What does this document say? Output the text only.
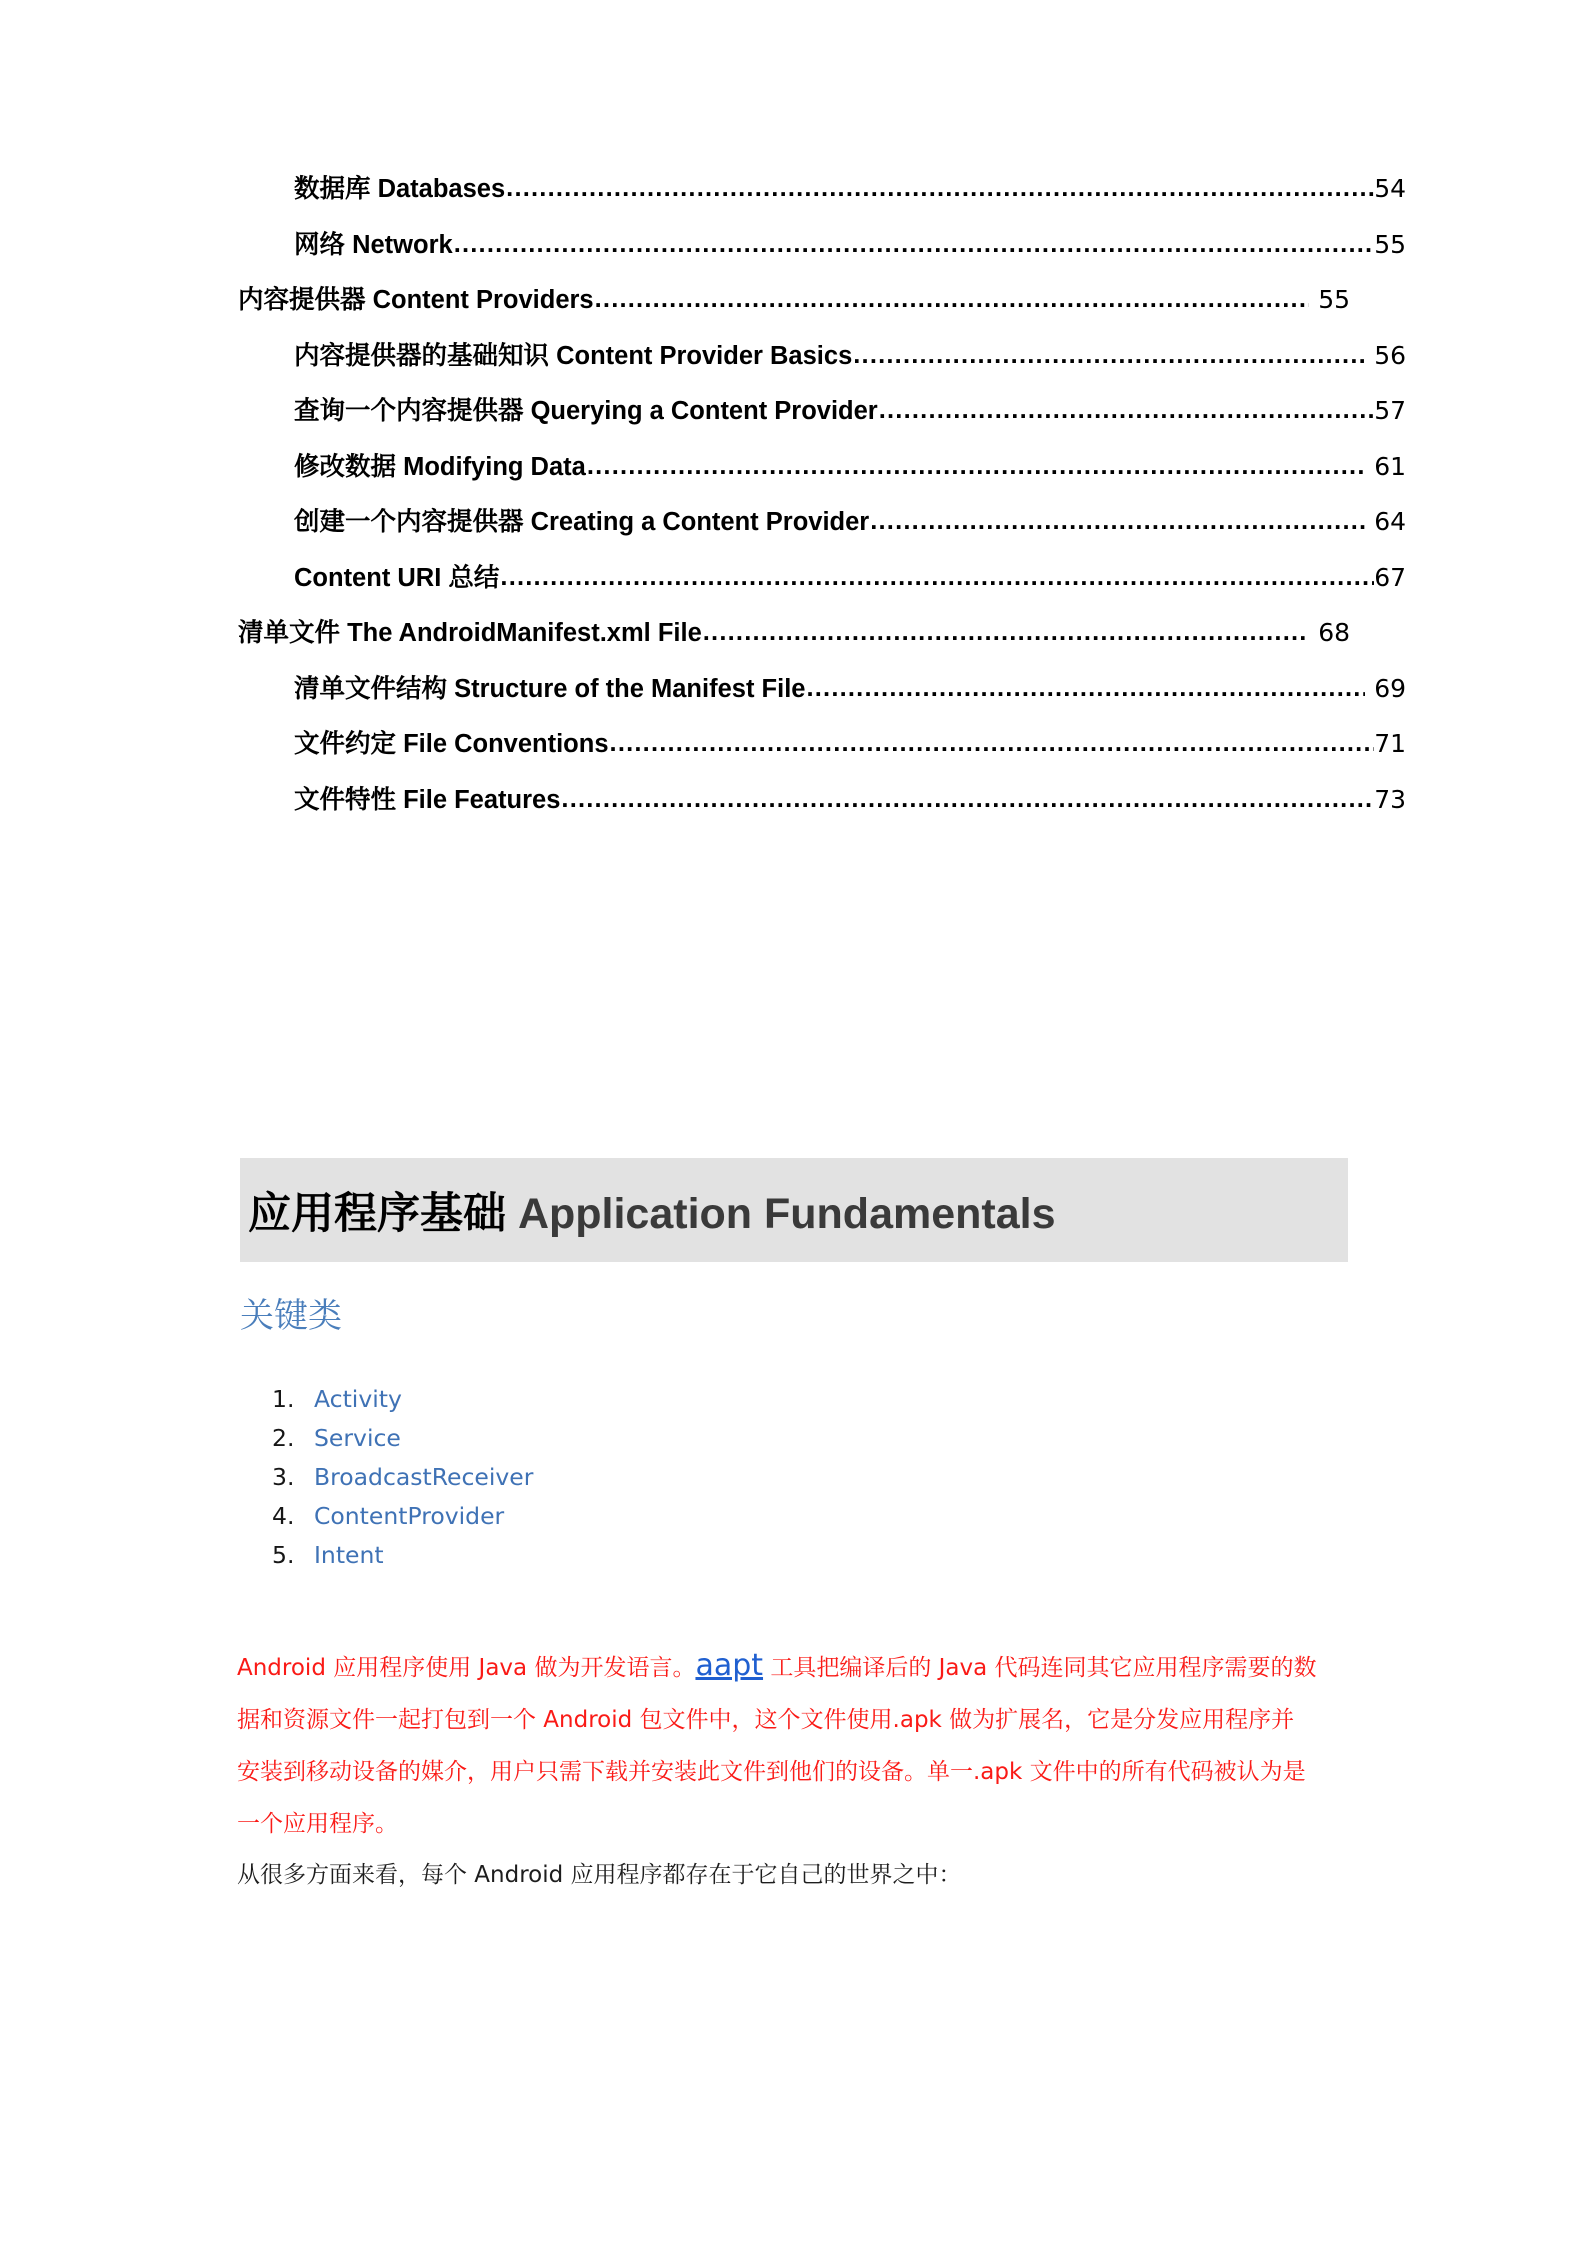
数据库 Databases .....	54
网络 Network .....	55
内容提供器 Content Providers .....	55
内容提供器的基础知识 Content Provider Basics .....	56
查询一个内容提供器 Querying a Content Provider .....	57
修改数据 Modifying Data .....	61
创建一个内容提供器 Creating a Content Provider .....	64
Content URI 总结 .....	67
清单文件 The AndroidManifest.xml File .....	68
清单文件结构 Structure of the Manifest File .....	69
文件约定 File Conventions .....	71
文件特性 File Features .....	73
应用程序基础 Application Fundamentals
关键类
1. Activity
2. Service
3. BroadcastReceiver
4. ContentProvider
5. Intent
Android 应用程序使用 Java 做为开发语言。aapt 工具把编译后的 Java 代码连同其它应用程序需要的数
据和资源文件一起打包到一个 Android 包文件中，这个文件使用.apk 做为扩展名，它是分发应用程序并
安装到移动设备的媒介，用户只需下载并安装此文件到他们的设备。单一.apk 文件中的所有代码被认为是
一个应用程序。
从很多方面来看，每个 Android 应用程序都存在于它自己的世界之中：
